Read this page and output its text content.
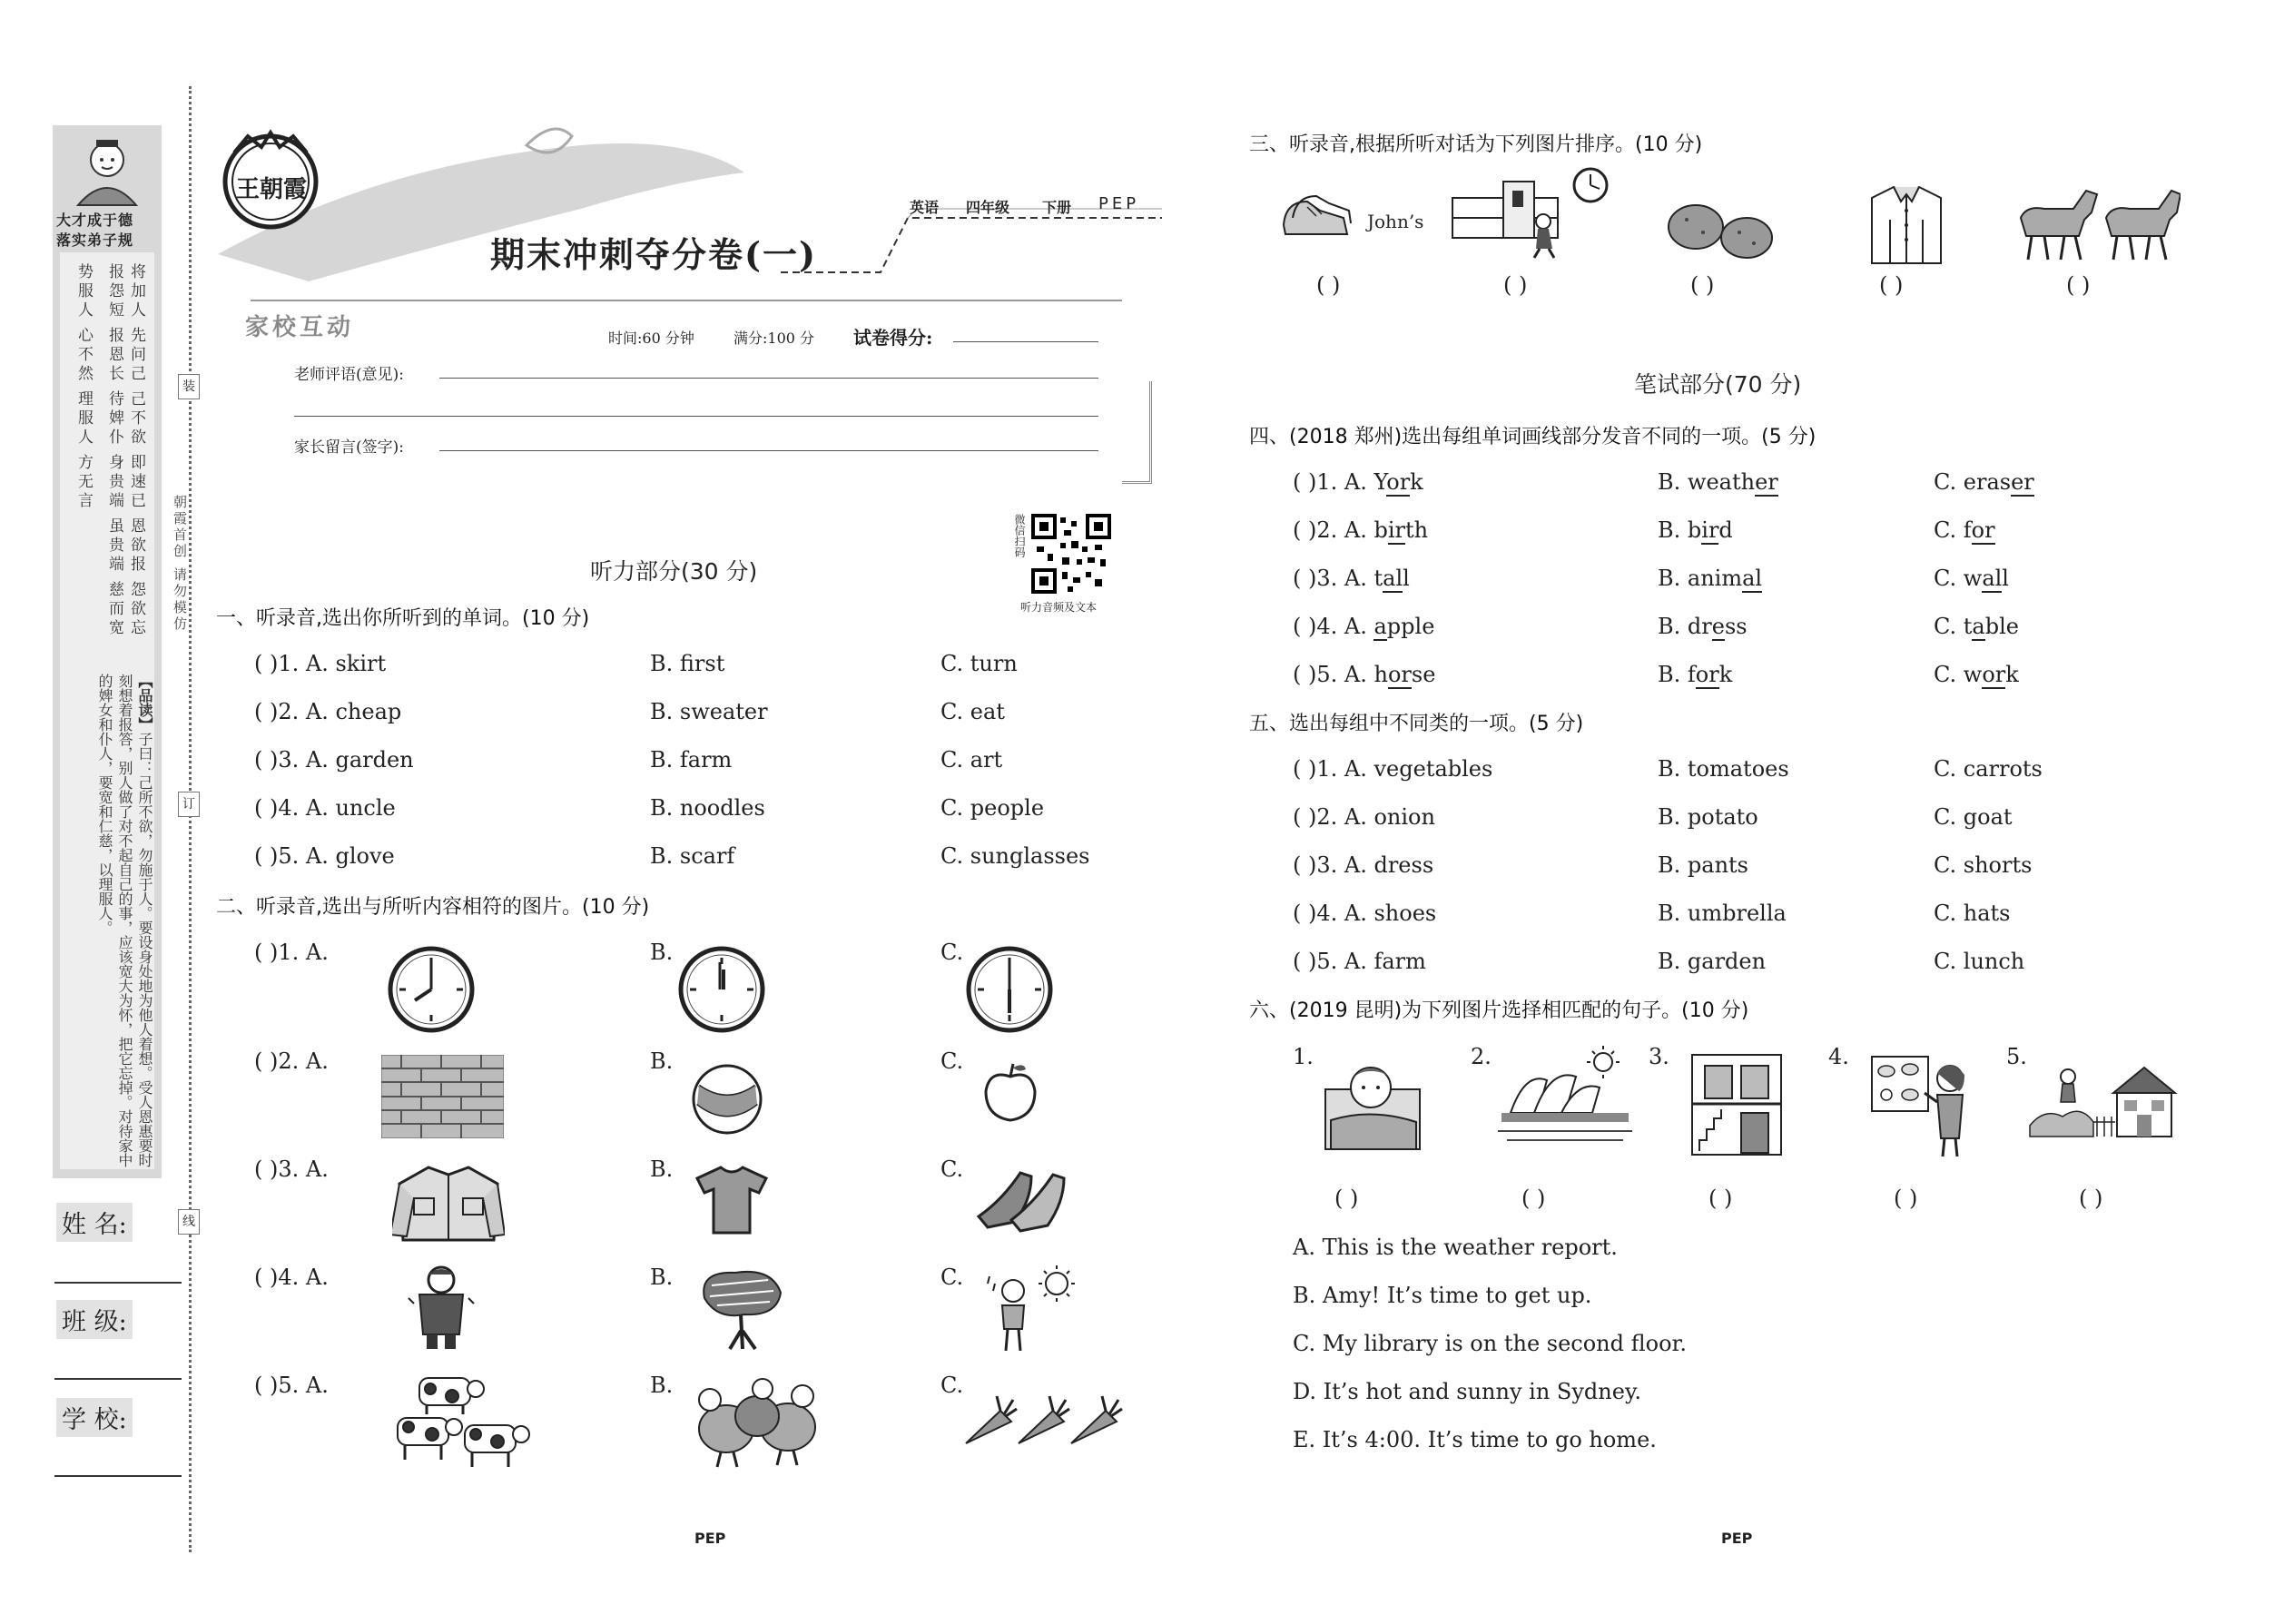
大才成于德
落实弟子规
将加人
先问己
己不欲
即速已
恩欲报
怨欲忘
报怨短
报恩长
待婢仆
身贵端
虽贵端
慈而宽
势服人
心不然
理服人
方无言
【品读】子曰：己所不欲，勿施于人。要设身处地为他人着想。受人恩惠要时刻想着报答，别人做了对不起自己的事，应该宽大为怀，把它忘掉。对待家中的婢女和仆人，要宽和仁慈，以理服人。
装
订
线
朝霞首创 请勿模仿
姓 名:
班 级:
学 校:
王朝霞
期末冲刺夺分卷(一)
英语 四年级 下册 PEP
家校互动	时间:60 分钟	满分:100 分 试卷得分:
老师评语(意见):
家长留言(签字):
微信扫码
听力音频及文本
听力部分(30 分)
一、听录音,选出你所听到的单词。(10 分)
( )1. A. skirt	B. first	C. turn
( )2. A. cheap	B. sweater	C. eat
( )3. A. garden	B. farm	C. art
( )4. A. uncle	B. noodles	C. people
( )5. A. glove	B. scarf	C. sunglasses
二、听录音,选出与所听内容相符的图片。(10 分)
( )1. A.	B.	C.
( )2. A.	B.	C.
( )3. A.	B.	C.
( )4. A.	B.	C.
( )5. A.	B.	C.
PEP
三、听录音,根据所听对话为下列图片排序。(10 分)
John’s
( )	( )	( )	( )	( )
笔试部分(70 分)
四、(2018 郑州)选出每组单词画线部分发音不同的一项。(5 分)
( )1. A. York	B. weather	C. eraser
( )2. A. birth	B. bird	C. for
( )3. A. tall	B. animal	C. wall
( )4. A. apple	B. dress	C. table
( )5. A. horse	B. fork	C. work
五、选出每组中不同类的一项。(5 分)
( )1. A. vegetables	B. tomatoes	C. carrots
( )2. A. onion	B. potato	C. goat
( )3. A. dress	B. pants	C. shorts
( )4. A. shoes	B. umbrella	C. hats
( )5. A. farm	B. garden	C. lunch
六、(2019 昆明)为下列图片选择相匹配的句子。(10 分)
1.	2.	3.	4.	5.
( )	( )	( )	( )	( )
A. This is the weather report.
B. Amy! It’s time to get up.
C. My library is on the second floor.
D. It’s hot and sunny in Sydney.
E. It’s 4:00. It’s time to go home.
PEP
